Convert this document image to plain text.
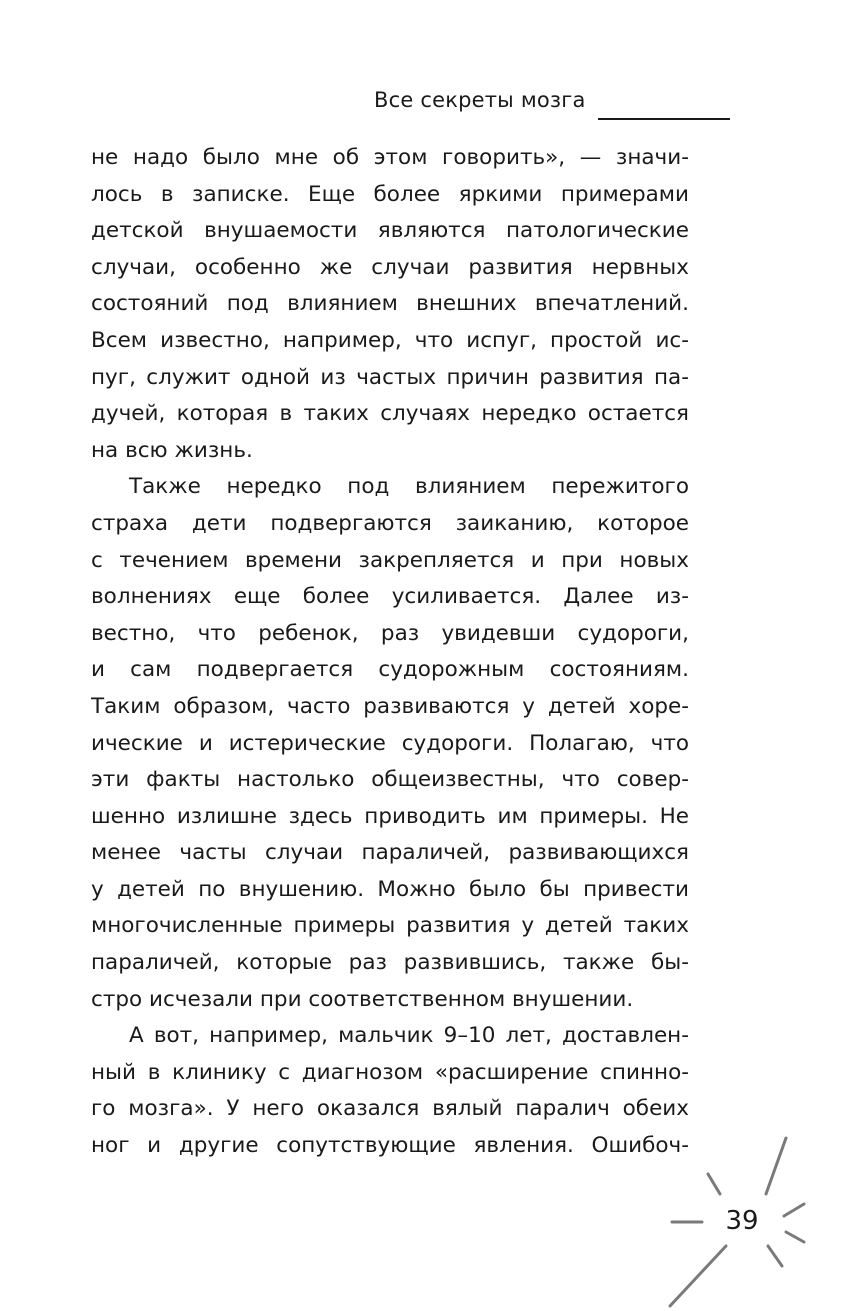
Все секреты мозга
не надо было мне об этом говорить», — значи-
лось в записке. Еще более яркими примерами
детской внушаемости являются патологические
случаи, особенно же случаи развития нервных
состояний под влиянием внешних впечатлений.
Всем известно, например, что испуг, простой ис-
пуг, служит одной из частых причин развития па-
дучей, которая в таких случаях нередко остается
на всю жизнь.
Также нередко под влиянием пережитого
страха дети подвергаются заиканию, которое
с течением времени закрепляется и при новых
волнениях еще более усиливается. Далее из-
вестно, что ребенок, раз увидевши судороги,
и сам подвергается судорожным состояниям.
Таким образом, часто развиваются у детей хоре-
ические и истерические судороги. Полагаю, что
эти факты настолько общеизвестны, что совер-
шенно излишне здесь приводить им примеры. Не
менее часты случаи параличей, развивающихся
у детей по внушению. Можно было бы привести
многочисленные примеры развития у детей таких
параличей, которые раз развившись, также бы-
стро исчезали при соответственном внушении.
А вот, например, мальчик 9–10 лет, доставлен-
ный в клинику с диагнозом «расширение спинно-
го мозга». У него оказался вялый паралич обеих
ног и другие сопутствующие явления. Ошибоч-
39
